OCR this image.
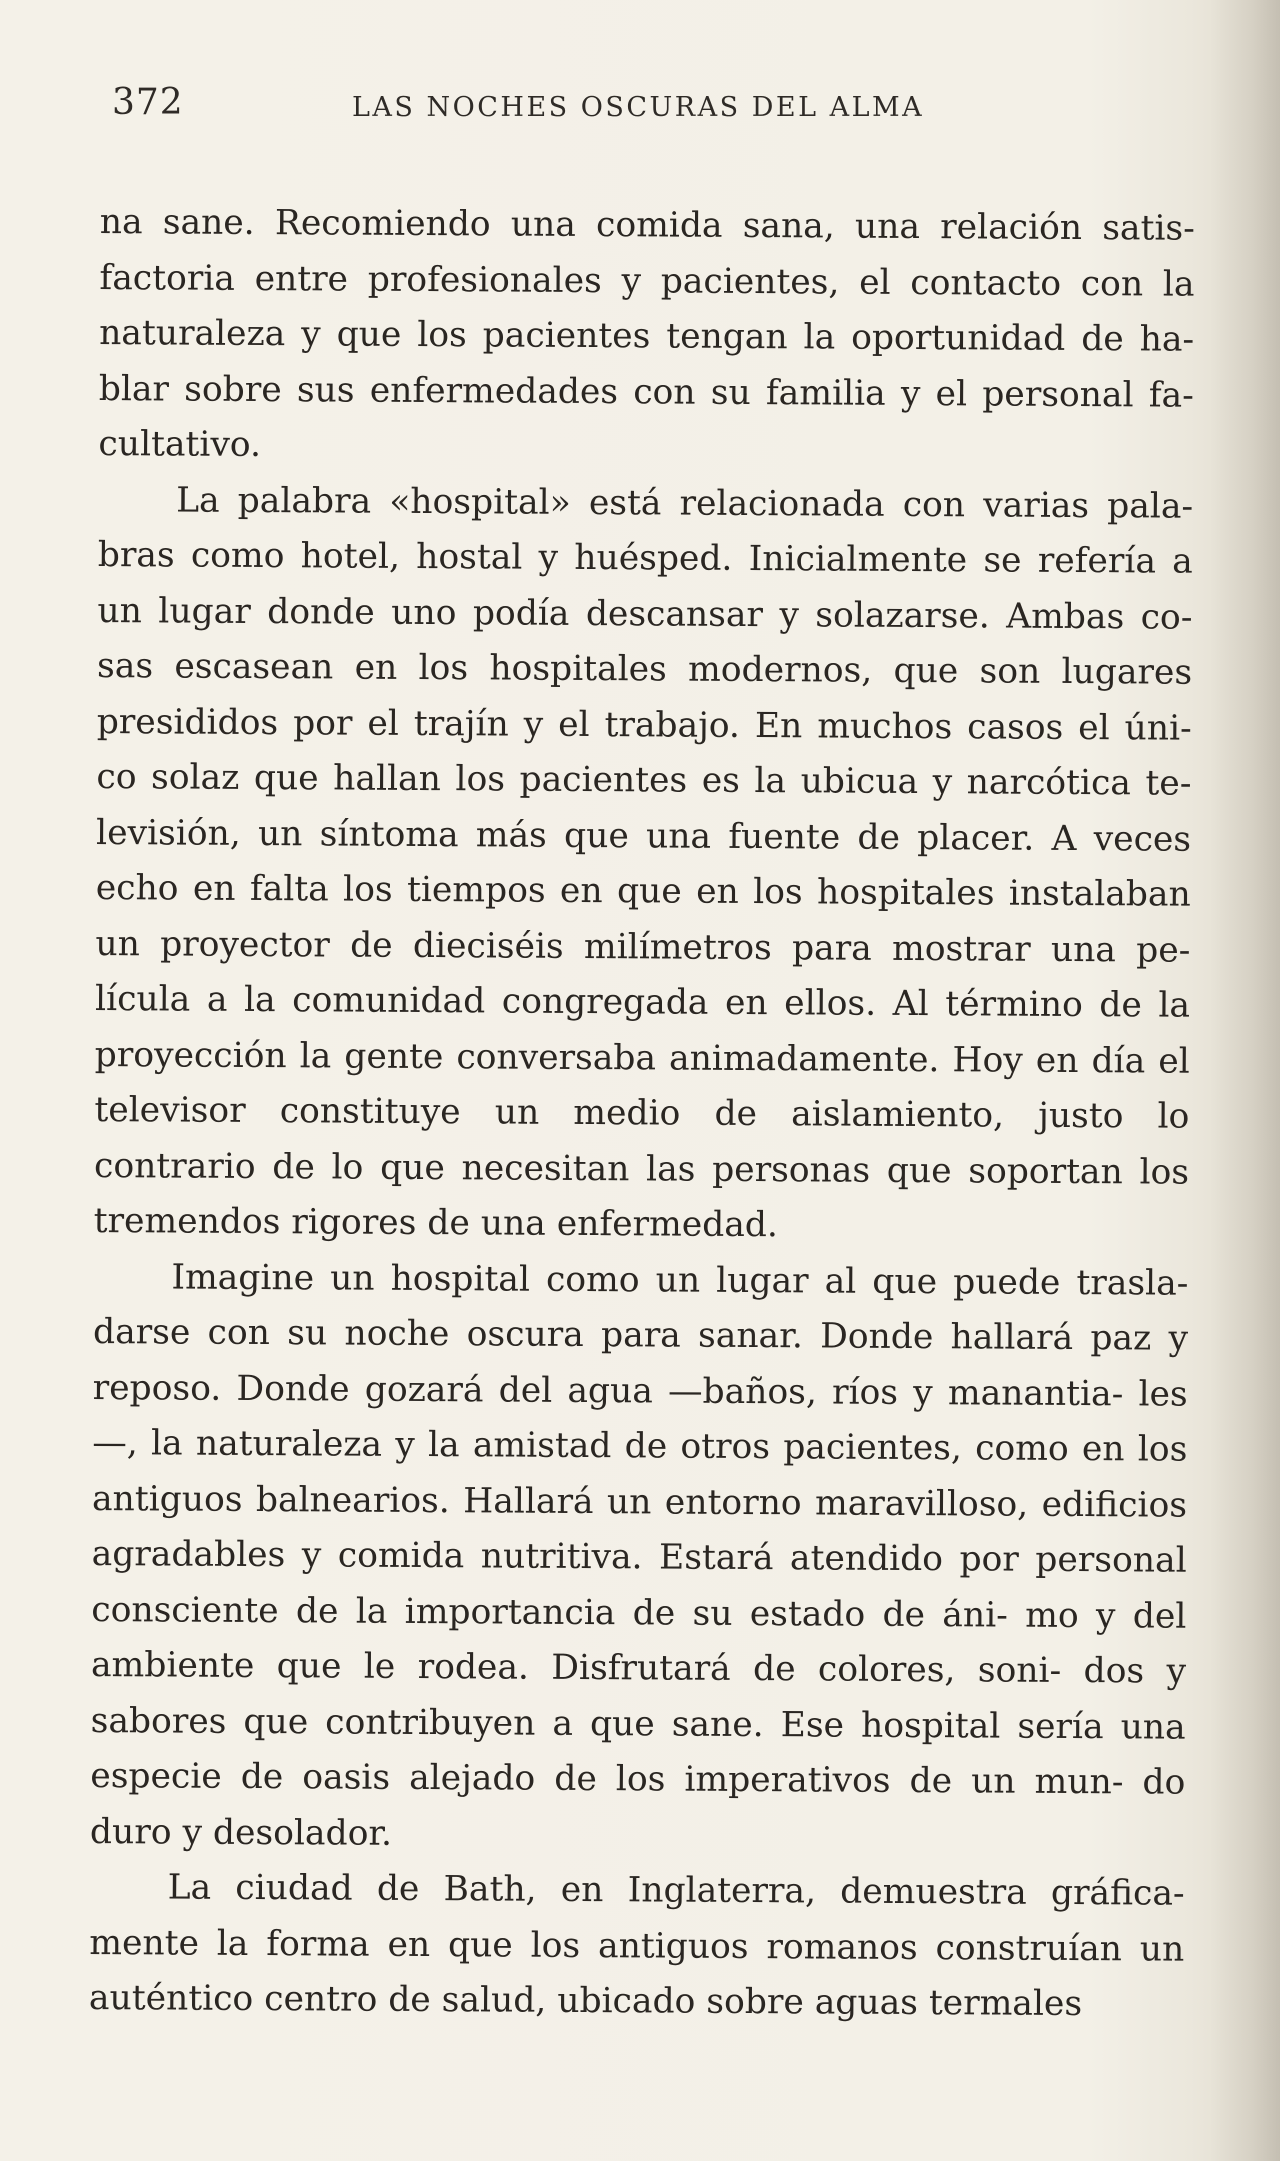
372	LAS NOCHES OSCURAS DEL ALMA

na sane. Recomiendo una comida sana, una relación satis- factoria entre profesionales y pacientes, el contacto con la naturaleza y que los pacientes tengan la oportunidad de ha- blar sobre sus enfermedades con su familia y el personal fa- cultativo.

La palabra «hospital» está relacionada con varias pala- bras como hotel, hostal y huésped. Inicialmente se refería a un lugar donde uno podía descansar y solazarse. Ambas co- sas escasean en los hospitales modernos, que son lugares presididos por el trajín y el trabajo. En muchos casos el úni- co solaz que hallan los pacientes es la ubicua y narcótica te- levisión, un síntoma más que una fuente de placer. A veces echo en falta los tiempos en que en los hospitales instalaban un proyector de dieciséis milímetros para mostrar una pe- lícula a la comunidad congregada en ellos. Al término de la proyección la gente conversaba animadamente. Hoy en día el televisor constituye un medio de aislamiento, justo lo contrario de lo que necesitan las personas que soportan los tremendos rigores de una enfermedad.

Imagine un hospital como un lugar al que puede trasla- darse con su noche oscura para sanar. Donde hallará paz y reposo. Donde gozará del agua —baños, ríos y manantia- les—, la naturaleza y la amistad de otros pacientes, como en los antiguos balnearios. Hallará un entorno maravilloso, edificios agradables y comida nutritiva. Estará atendido por personal consciente de la importancia de su estado de áni- mo y del ambiente que le rodea. Disfrutará de colores, soni- dos y sabores que contribuyen a que sane. Ese hospital sería una especie de oasis alejado de los imperativos de un mun- do duro y desolador.

La ciudad de Bath, en Inglaterra, demuestra gráfica- mente la forma en que los antiguos romanos construían un auténtico centro de salud, ubicado sobre aguas termales
